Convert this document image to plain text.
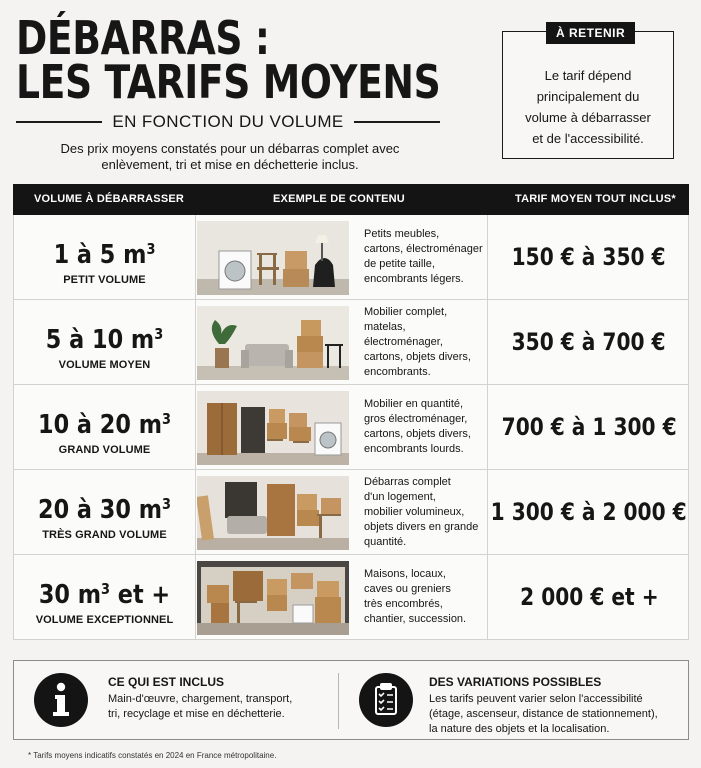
DÉBARRAS :
LES TARIFS MOYENS
EN FONCTION DU VOLUME
Des prix moyens constatés pour un débarras complet avec
enlèvement, tri et mise en déchetterie inclus.
À RETENIR
Le tarif dépend
principalement du
volume à débarrasser
et de l'accessibilité.
VOLUME À DÉBARRASSER	EXEMPLE DE CONTENU	TARIF MOYEN TOUT INCLUS*
1 à 5 $m^3$
PETIT VOLUME
Petits meubles,
cartons, électroménager
de petite taille,
encombrants légers.
150 € à 350 €
5 à 10 $m^3$
VOLUME MOYEN
Mobilier complet,
matelas, électroménager,
cartons, objets divers,
encombrants.
350 € à 700 €
10 à 20 $m^3$
GRAND VOLUME
Mobilier en quantité,
gros électroménager,
cartons, objets divers,
encombrants lourds.
700 € à 1 300 €
20 à 30 $m^3$
TRÈS GRAND VOLUME
Débarras complet
d'un logement,
mobilier volumineux,
objets divers en grande
quantité.
1 300 € à 2 000 €
30 $m^3$ et +
VOLUME EXCEPTIONNEL
Maisons, locaux,
caves ou greniers
très encombrés,
chantier, succession.
2 000 € et +
CE QUI EST INCLUS
Main-d'œuvre, chargement, transport,
tri, recyclage et mise en déchetterie.
DES VARIATIONS POSSIBLES
Les tarifs peuvent varier selon l'accessibilité
(étage, ascenseur, distance de stationnement),
la nature des objets et la localisation.
* Tarifs moyens indicatifs constatés en 2024 en France métropolitaine.
